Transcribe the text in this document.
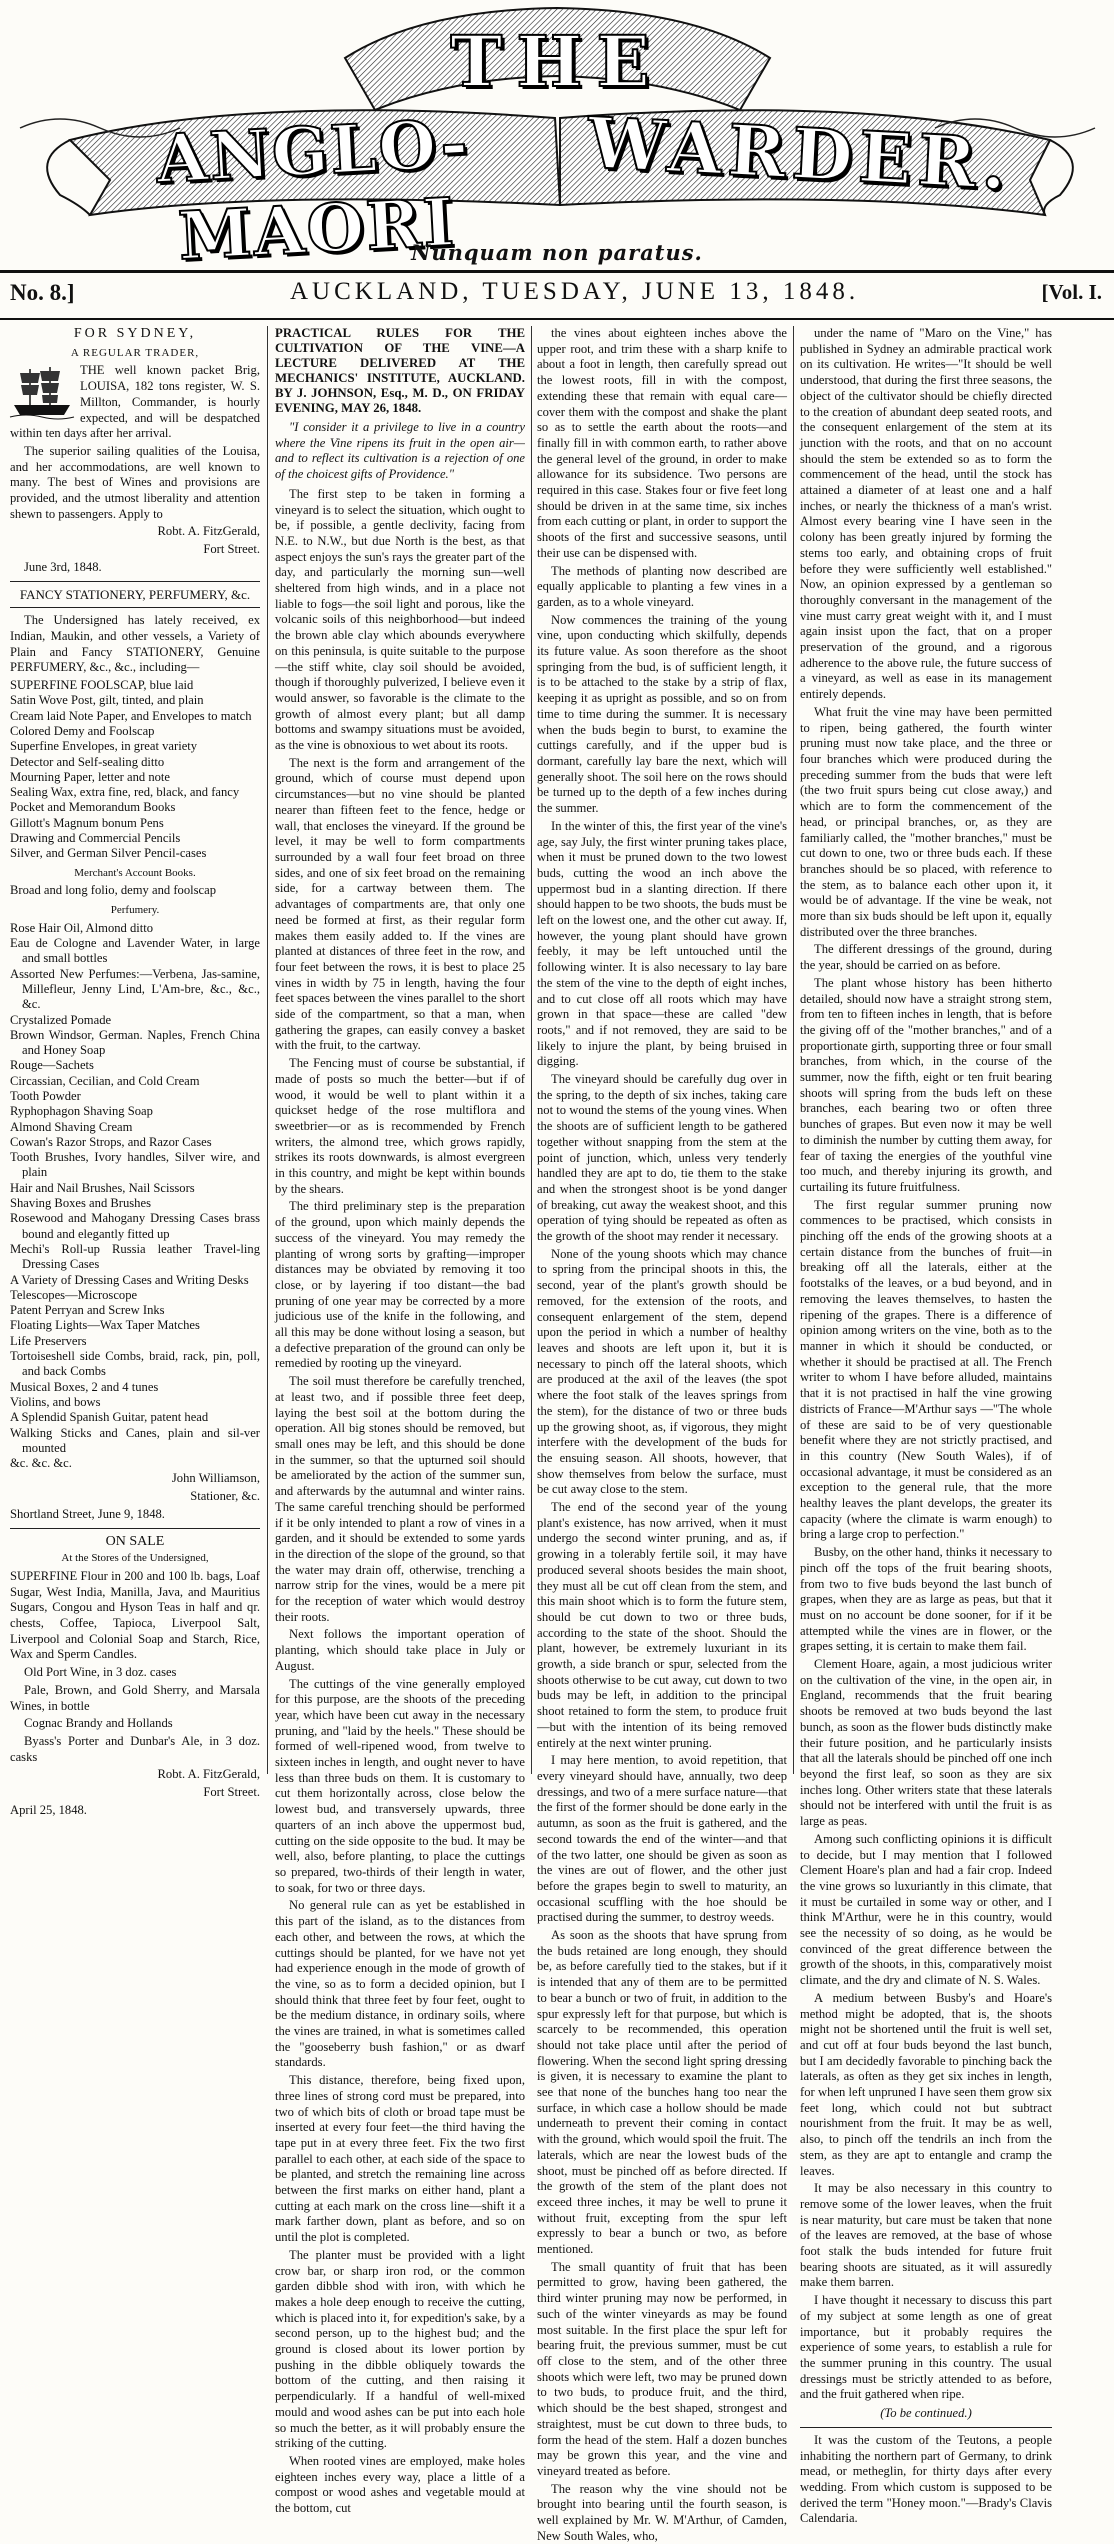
THE
ANGLO-MAORI
WARDER.
Nunquam non paratus.
No. 8.]	AUCKLAND, TUESDAY, JUNE 13, 1848.	[Vol. I.

FOR SYDNEY,

A REGULAR TRADER,

THE well known packet Brig, LOUISA, 182 tons register, W. S. Millton, Commander, is hourly expected, and will be despatched within ten days after her arrival.

The superior sailing qualities of the Louisa, and her accommodations, are well known to many. The best of Wines and provisions are provided, and the utmost liberality and attention shewn to passengers. Apply to

Robt. A. FitzGerald,

Fort Street.

June 3rd, 1848.

FANCY STATIONERY, PERFUMERY, &c.

The Undersigned has lately received, ex Indian, Maukin, and other vessels, a Variety of Plain and Fancy STATIONERY, Genuine PERFUMERY, &c., &c., including—

SUPERFINE FOOLSCAP, blue laid
Satin Wove Post, gilt, tinted, and plain
Cream laid Note Paper, and Envelopes to match
Colored Demy and Foolscap
Superfine Envelopes, in great variety
Detector and Self-sealing ditto
Mourning Paper, letter and note
Sealing Wax, extra fine, red, black, and fancy
Pocket and Memorandum Books
Gillott's Magnum bonum Pens
Drawing and Commercial Pencils
Silver, and German Silver Pencil-cases

Merchant's Account Books.

Broad and long folio, demy and foolscap

Perfumery.

Rose Hair Oil, Almond ditto
Eau de Cologne and Lavender Water, in large and small bottles
Assorted New Perfumes:—Verbena, Jas-samine, Millefleur, Jenny Lind, L'Am-bre, &c., &c., &c.
Crystalized Pomade
Brown Windsor, German. Naples, French China and Honey Soap
Rouge—Sachets
Circassian, Cecilian, and Cold Cream
Tooth Powder
Ryphophagon Shaving Soap
Almond Shaving Cream
Cowan's Razor Strops, and Razor Cases
Tooth Brushes, Ivory handles, Silver wire, and plain
Hair and Nail Brushes, Nail Scissors
Shaving Boxes and Brushes
Rosewood and Mahogany Dressing Cases brass bound and elegantly fitted up
Mechi's Roll-up Russia leather Travel-ling Dressing Cases
A Variety of Dressing Cases and Writing Desks
Telescopes—Microscope
Patent Perryan and Screw Inks
Floating Lights—Wax Taper Matches
Life Preservers
Tortoiseshell side Combs, braid, rack, pin, poll, and back Combs
Musical Boxes, 2 and 4 tunes
Violins, and bows
A Splendid Spanish Guitar, patent head
Walking Sticks and Canes, plain and sil-ver mounted
&c. &c. &c.

John Williamson,

Stationer, &c.

Shortland Street, June 9, 1848.

ON SALE

At the Stores of the Undersigned,

SUPERFINE Flour in 200 and 100 lb. bags, Loaf Sugar, West India, Manilla, Java, and Mauritius Sugars, Congou and Hyson Teas in half and qr. chests, Coffee, Tapioca, Liverpool Salt, Liverpool and Colonial Soap and Starch, Rice, Wax and Sperm Candles.

Old Port Wine, in 3 doz. cases

Pale, Brown, and Gold Sherry, and Marsala Wines, in bottle

Cognac Brandy and Hollands

Byass's Porter and Dunbar's Ale, in 3 doz. casks

Robt. A. FitzGerald,

Fort Street.

April 25, 1848.

PRACTICAL RULES FOR THE CULTIVATION OF THE VINE—A LECTURE DELIVERED AT THE MECHANICS' INSTITUTE, AUCKLAND. BY J. JOHNSON, Esq., M. D., ON FRIDAY EVENING, MAY 26, 1848.

"I consider it a privilege to live in a country where the Vine ripens its fruit in the open air—and to reflect its cultivation is a rejection of one of the choicest gifts of Providence."

The first step to be taken in forming a vineyard is to select the situation, which ought to be, if possible, a gentle declivity, facing from N.E. to N.W., but due North is the best, as that aspect enjoys the sun's rays the greater part of the day, and particularly the morning sun—well sheltered from high winds, and in a place not liable to fogs—the soil light and porous, like the volcanic soils of this neighborhood—but indeed the brown able clay which abounds everywhere on this peninsula, is quite suitable to the purpose—the stiff white, clay soil should be avoided, though if thoroughly pulverized, I believe even it would answer, so favorable is the climate to the growth of almost every plant; but all damp bottoms and swampy situations must be avoided, as the vine is obnoxious to wet about its roots.

The next is the form and arrangement of the ground, which of course must depend upon circumstances—but no vine should be planted nearer than fifteen feet to the fence, hedge or wall, that encloses the vineyard. If the ground be level, it may be well to form compartments surrounded by a wall four feet broad on three sides, and one of six feet broad on the remaining side, for a cartway between them. The advantages of compartments are, that only one need be formed at first, as their regular form makes them easily added to. If the vines are planted at distances of three feet in the row, and four feet between the rows, it is best to place 25 vines in width by 75 in length, having the four feet spaces between the vines parallel to the short side of the compartment, so that a man, when gathering the grapes, can easily convey a basket with the fruit, to the cartway.

The Fencing must of course be substantial, if made of posts so much the better—but if of wood, it would be well to plant within it a quickset hedge of the rose multiflora and sweetbrier—or as is recommended by French writers, the almond tree, which grows rapidly, strikes its roots downwards, is almost evergreen in this country, and might be kept within bounds by the shears.

The third preliminary step is the preparation of the ground, upon which mainly depends the success of the vineyard. You may remedy the planting of wrong sorts by grafting—improper distances may be obviated by removing it too close, or by layering if too distant—the bad pruning of one year may be corrected by a more judicious use of the knife in the following, and all this may be done without losing a season, but a defective preparation of the ground can only be remedied by rooting up the vineyard.

The soil must therefore be carefully trenched, at least two, and if possible three feet deep, laying the best soil at the bottom during the operation. All big stones should be removed, but small ones may be left, and this should be done in the summer, so that the upturned soil should be ameliorated by the action of the summer sun, and afterwards by the autumnal and winter rains. The same careful trenching should be performed if it be only intended to plant a row of vines in a garden, and it should be extended to some yards in the direction of the slope of the ground, so that the water may drain off, otherwise, trenching a narrow strip for the vines, would be a mere pit for the reception of water which would destroy their roots.

Next follows the important operation of planting, which should take place in July or August.

The cuttings of the vine generally employed for this purpose, are the shoots of the preceding year, which have been cut away in the necessary pruning, and "laid by the heels." These should be formed of well-ripened wood, from twelve to sixteen inches in length, and ought never to have less than three buds on them. It is customary to cut them horizontally across, close below the lowest bud, and transversely upwards, three quarters of an inch above the uppermost bud, cutting on the side opposite to the bud. It may be well, also, before planting, to place the cuttings so prepared, two-thirds of their length in water, to soak, for two or three days.

No general rule can as yet be established in this part of the island, as to the distances from each other, and between the rows, at which the cuttings should be planted, for we have not yet had experience enough in the mode of growth of the vine, so as to form a decided opinion, but I should think that three feet by four feet, ought to be the medium distance, in ordinary soils, where the vines are trained, in what is sometimes called the "gooseberry bush fashion," or as dwarf standards.

This distance, therefore, being fixed upon, three lines of strong cord must be prepared, into two of which bits of cloth or broad tape must be inserted at every four feet—the third having the tape put in at every three feet. Fix the two first parallel to each other, at each side of the space to be planted, and stretch the remaining line across between the first marks on either hand, plant a cutting at each mark on the cross line—shift it a mark farther down, plant as before, and so on until the plot is completed.

The planter must be provided with a light crow bar, or sharp iron rod, or the common garden dibble shod with iron, with which he makes a hole deep enough to receive the cutting, which is placed into it, for expedition's sake, by a second person, up to the highest bud; and the ground is closed about its lower portion by pushing in the dibble obliquely towards the bottom of the cutting, and then raising it perpendicularly. If a handful of well-mixed mould and wood ashes can be put into each hole so much the better, as it will probably ensure the striking of the cutting.

When rooted vines are employed, make holes eighteen inches every way, place a little of a compost or wood ashes and vegetable mould at the bottom, cut

the vines about eighteen inches above the upper root, and trim these with a sharp knife to about a foot in length, then carefully spread out the lowest roots, fill in with the compost, extending these that remain with equal care—cover them with the compost and shake the plant so as to settle the earth about the roots—and finally fill in with common earth, to rather above the general level of the ground, in order to make allowance for its subsidence. Two persons are required in this case. Stakes four or five feet long should be driven in at the same time, six inches from each cutting or plant, in order to support the shoots of the first and successive seasons, until their use can be dispensed with.

The methods of planting now described are equally applicable to planting a few vines in a garden, as to a whole vineyard.

Now commences the training of the young vine, upon conducting which skilfully, depends its future value. As soon therefore as the shoot springing from the bud, is of sufficient length, it is to be attached to the stake by a strip of flax, keeping it as upright as possible, and so on from time to time during the summer. It is necessary when the buds begin to burst, to examine the cuttings carefully, and if the upper bud is dormant, carefully lay bare the next, which will generally shoot. The soil here on the rows should be turned up to the depth of a few inches during the summer.

In the winter of this, the first year of the vine's age, say July, the first winter pruning takes place, when it must be pruned down to the two lowest buds, cutting the wood an inch above the uppermost bud in a slanting direction. If there should happen to be two shoots, the buds must be left on the lowest one, and the other cut away. If, however, the young plant should have grown feebly, it may be left untouched until the following winter. It is also necessary to lay bare the stem of the vine to the depth of eight inches, and to cut close off all roots which may have grown in that space—these are called "dew roots," and if not removed, they are said to be likely to injure the plant, by being bruised in digging.

The vineyard should be carefully dug over in the spring, to the depth of six inches, taking care not to wound the stems of the young vines. When the shoots are of sufficient length to be gathered together without snapping from the stem at the point of junction, which, unless very tenderly handled they are apt to do, tie them to the stake and when the strongest shoot is be yond danger of breaking, cut away the weakest shoot, and this operation of tying should be repeated as often as the growth of the shoot may render it necessary.

None of the young shoots which may chance to spring from the principal shoots in this, the second, year of the plant's growth should be removed, for the extension of the roots, and consequent enlargement of the stem, depend upon the period in which a number of healthy leaves and shoots are left upon it, but it is necessary to pinch off the lateral shoots, which are produced at the axil of the leaves (the spot where the foot stalk of the leaves springs from the stem), for the distance of two or three buds up the growing shoot, as, if vigorous, they might interfere with the development of the buds for the ensuing season. All shoots, however, that show themselves from below the surface, must be cut away close to the stem.

The end of the second year of the young plant's existence, has now arrived, when it must undergo the second winter pruning, and as, if growing in a tolerably fertile soil, it may have produced several shoots besides the main shoot, they must all be cut off clean from the stem, and this main shoot which is to form the future stem, should be cut down to two or three buds, according to the state of the shoot. Should the plant, however, be extremely luxuriant in its growth, a side branch or spur, selected from the shoots otherwise to be cut away, cut down to two buds may be left, in addition to the principal shoot retained to form the stem, to produce fruit—but with the intention of its being removed entirely at the next winter pruning.

I may here mention, to avoid repetition, that every vineyard should have, annually, two deep dressings, and two of a mere surface nature—that the first of the former should be done early in the autumn, as soon as the fruit is gathered, and the second towards the end of the winter—and that of the two latter, one should be given as soon as the vines are out of flower, and the other just before the grapes begin to swell to maturity, an occasional scuffling with the hoe should be practised during the summer, to destroy weeds.

As soon as the shoots that have sprung from the buds retained are long enough, they should be, as before carefully tied to the stakes, but if it is intended that any of them are to be permitted to bear a bunch or two of fruit, in addition to the spur expressly left for that purpose, but which is scarcely to be recommended, this operation should not take place until after the period of flowering. When the second light spring dressing is given, it is necessary to examine the plant to see that none of the bunches hang too near the surface, in which case a hollow should be made underneath to prevent their coming in contact with the ground, which would spoil the fruit. The laterals, which are near the lowest buds of the shoot, must be pinched off as before directed. If the growth of the stem of the plant does not exceed three inches, it may be well to prune it without fruit, excepting from the spur left expressly to bear a bunch or two, as before mentioned.

The small quantity of fruit that has been permitted to grow, having been gathered, the third winter pruning may now be performed, in such of the winter vineyards as may be found most suitable. In the first place the spur left for bearing fruit, the previous summer, must be cut off close to the stem, and of the other three shoots which were left, two may be pruned down to two buds, to produce fruit, and the third, which should be the best shaped, strongest and straightest, must be cut down to three buds, to form the head of the stem. Half a dozen bunches may be grown this year, and the vine and vineyard treated as before.

The reason why the vine should not be brought into bearing until the fourth season, is well explained by Mr. W. M'Arthur, of Camden, New South Wales, who,

under the name of "Maro on the Vine," has published in Sydney an admirable practical work on its cultivation. He writes—"It should be well understood, that during the first three seasons, the object of the cultivator should be chiefly directed to the creation of abundant deep seated roots, and the consequent enlargement of the stem at its junction with the roots, and that on no account should the stem be extended so as to form the commencement of the head, until the stock has attained a diameter of at least one and a half inches, or nearly the thickness of a man's wrist. Almost every bearing vine I have seen in the colony has been greatly injured by forming the stems too early, and obtaining crops of fruit before they were sufficiently well established." Now, an opinion expressed by a gentleman so thoroughly conversant in the management of the vine must carry great weight with it, and I must again insist upon the fact, that on a proper preservation of the ground, and a rigorous adherence to the above rule, the future success of a vineyard, as well as ease in its management entirely depends.

What fruit the vine may have been permitted to ripen, being gathered, the fourth winter pruning must now take place, and the three or four branches which were produced during the preceding summer from the buds that were left (the two fruit spurs being cut close away,) and which are to form the commencement of the head, or principal branches, or, as they are familiarly called, the "mother branches," must be cut down to one, two or three buds each. If these branches should be so placed, with reference to the stem, as to balance each other upon it, it would be of advantage. If the vine be weak, not more than six buds should be left upon it, equally distributed over the three branches.

The different dressings of the ground, during the year, should be carried on as before.

The plant whose history has been hitherto detailed, should now have a straight strong stem, from ten to fifteen inches in length, that is before the giving off of the "mother branches," and of a proportionate girth, supporting three or four small branches, from which, in the course of the summer, now the fifth, eight or ten fruit bearing shoots will spring from the buds left on these branches, each bearing two or often three bunches of grapes. But even now it may be well to diminish the number by cutting them away, for fear of taxing the energies of the youthful vine too much, and thereby injuring its growth, and curtailing its future fruitfulness.

The first regular summer pruning now commences to be practised, which consists in pinching off the ends of the growing shoots at a certain distance from the bunches of fruit—in breaking off all the laterals, either at the footstalks of the leaves, or a bud beyond, and in removing the leaves themselves, to hasten the ripening of the grapes. There is a difference of opinion among writers on the vine, both as to the manner in which it should be conducted, or whether it should be practised at all. The French writer to whom I have before alluded, maintains that it is not practised in half the vine growing districts of France—M'Arthur says —"The whole of these are said to be of very questionable benefit where they are not strictly practised, and in this country (New South Wales), if of occasional advantage, it must be considered as an exception to the general rule, that the more healthy leaves the plant develops, the greater its capacity (where the climate is warm enough) to bring a large crop to perfection."

Busby, on the other hand, thinks it necessary to pinch off the tops of the fruit bearing shoots, from two to five buds beyond the last bunch of grapes, when they are as large as peas, but that it must on no account be done sooner, for if it be attempted while the vines are in flower, or the grapes setting, it is certain to make them fail.

Clement Hoare, again, a most judicious writer on the cultivation of the vine, in the open air, in England, recommends that the fruit bearing shoots be removed at two buds beyond the last bunch, as soon as the flower buds distinctly make their future position, and he particularly insists that all the laterals should be pinched off one inch beyond the first leaf, so soon as they are six inches long. Other writers state that these laterals should not be interfered with until the fruit is as large as peas.

Among such conflicting opinions it is difficult to decide, but I may mention that I followed Clement Hoare's plan and had a fair crop. Indeed the vine grows so luxuriantly in this climate, that it must be curtailed in some way or other, and I think M'Arthur, were he in this country, would see the necessity of so doing, as he would be convinced of the great difference between the growth of the shoots, in this, comparatively moist climate, and the dry and climate of N. S. Wales.

A medium between Busby's and Hoare's method might be adopted, that is, the shoots might not be shortened until the fruit is well set, and cut off at four buds beyond the last bunch, but I am decidedly favorable to pinching back the laterals, as often as they get six inches in length, for when left unpruned I have seen them grow six feet long, which could not but subtract nourishment from the fruit. It may be as well, also, to pinch off the tendrils an inch from the stem, as they are apt to entangle and cramp the leaves.

It may be also necessary in this country to remove some of the lower leaves, when the fruit is near maturity, but care must be taken that none of the leaves are removed, at the base of whose foot stalk the buds intended for future fruit bearing shoots are situated, as it will assuredly make them barren.

I have thought it necessary to discuss this part of my subject at some length as one of great importance, but it probably requires the experience of some years, to establish a rule for the summer pruning in this country. The usual dressings must be strictly attended to as before, and the fruit gathered when ripe.

(To be continued.)

It was the custom of the Teutons, a people inhabiting the northern part of Germany, to drink mead, or metheglin, for thirty days after every wedding. From which custom is supposed to be derived the term "Honey moon."—Brady's Clavis Calendaria.
